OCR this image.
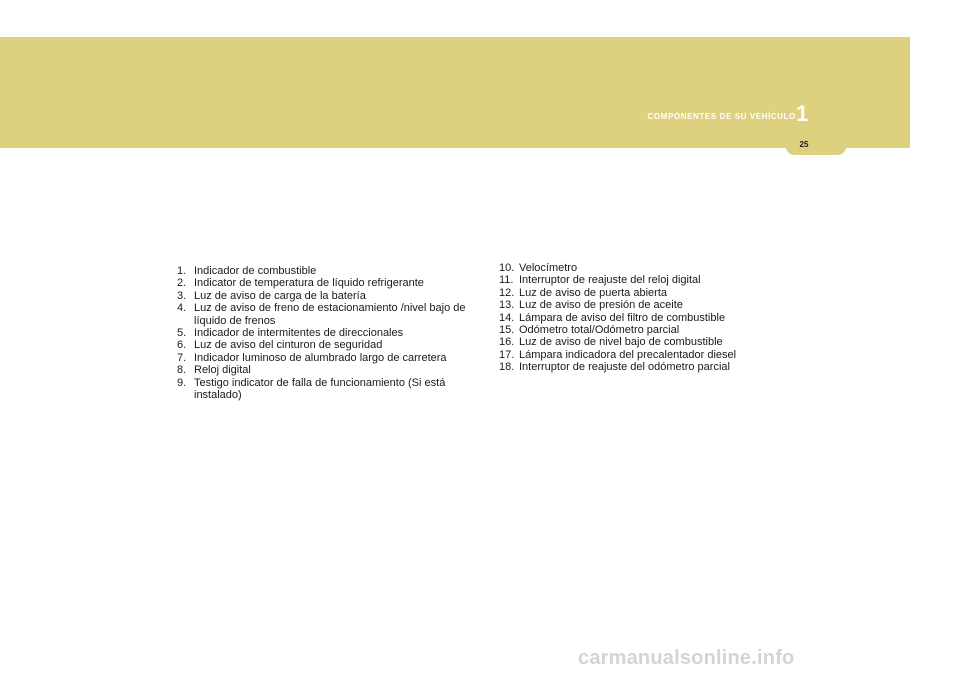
COMPONENTES DE SU VEHÍCULO 1
25
1. Indicador de combustible
2. Indicator de temperatura de líquido refrigerante
3. Luz de aviso de carga de la batería
4. Luz de aviso de freno de estacionamiento /nivel bajo de líquido de frenos
5. Indicador de intermitentes de direccionales
6. Luz de aviso del cinturon de seguridad
7. Indicador luminoso de alumbrado largo de carretera
8. Reloj digital
9. Testigo indicator de falla de funcionamiento (Si está instalado)
10. Velocímetro
11. Interruptor de reajuste del reloj digital
12. Luz de aviso de puerta abierta
13. Luz de aviso de presión de aceite
14. Lámpara de aviso del filtro de combustible
15. Odómetro total/Odómetro parcial
16. Luz de aviso de nivel bajo de combustible
17. Lámpara indicadora del precalentador diesel
18. Interruptor de reajuste del odómetro parcial
carmanualsonline.info
